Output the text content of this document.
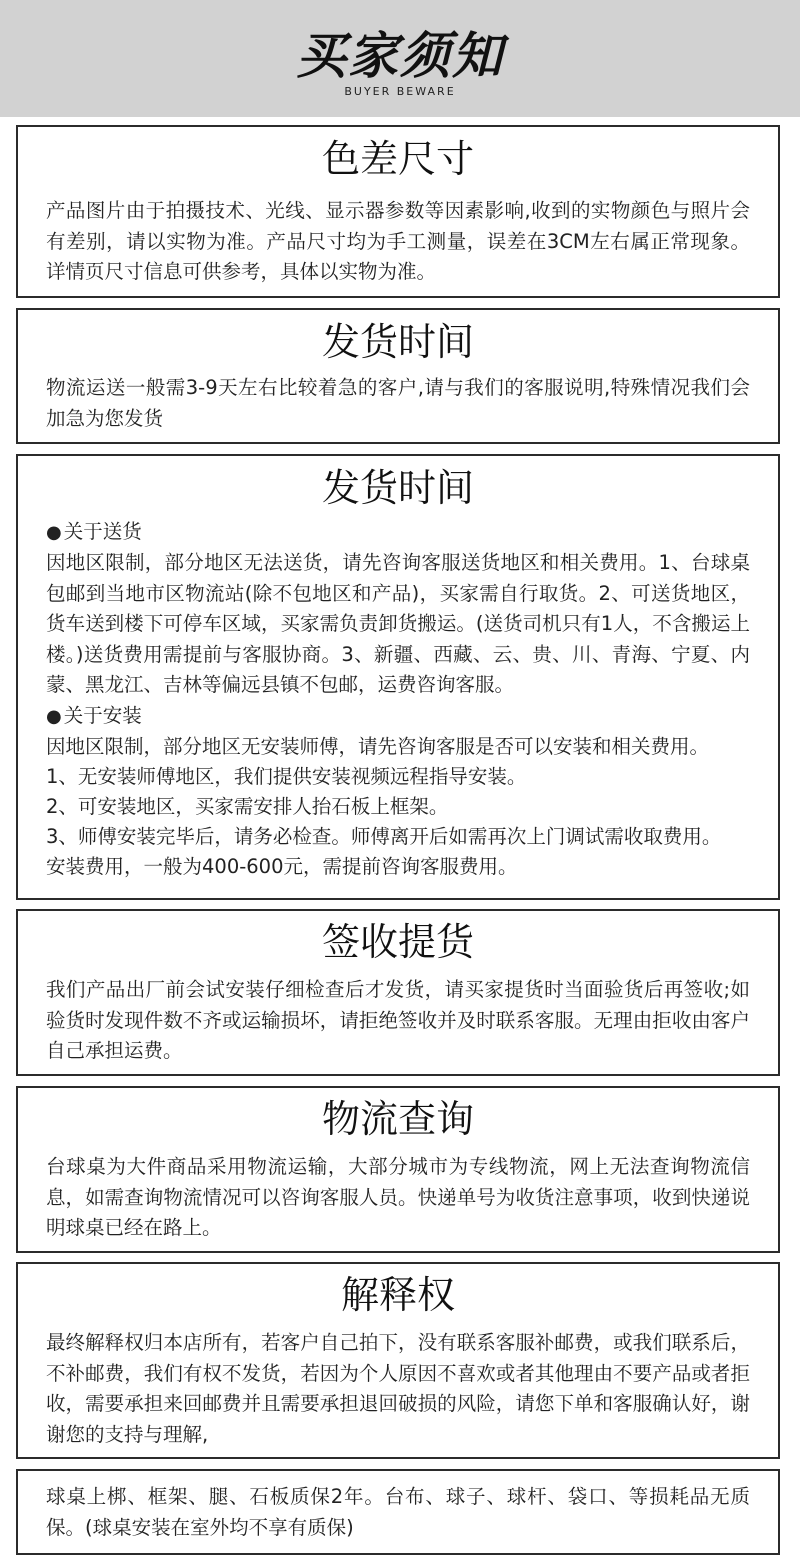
买家须知
BUYER BEWARE
色差尺寸

产品图片由于拍摄技术、光线、显示器参数等因素影响,收到的实物颜色与照片会有差别，请以实物为准。产品尺寸均为手工测量，误差在3CM左右属正常现象。详情页尺寸信息可供参考，具体以实物为准。

发货时间

物流运送一般需3-9天左右比较着急的客户,请与我们的客服说明,特殊情况我们会加急为您发货

发货时间
● 关于送货

因地区限制，部分地区无法送货，请先咨询客服送货地区和相关费用。1、台球桌包邮到当地市区物流站(除不包地区和产品)，买家需自行取货。2、可送货地区，货车送到楼下可停车区域，买家需负责卸货搬运。(送货司机只有1人，不含搬运上楼。)送货费用需提前与客服协商。3、新疆、西藏、云、贵、川、青海、宁夏、内蒙、黑龙江、吉林等偏远县镇不包邮，运费咨询客服。

● 关于安装
因地区限制，部分地区无安装师傅，请先咨询客服是否可以安装和相关费用。
1、无安装师傅地区，我们提供安装视频远程指导安装。
2、可安装地区，买家需安排人抬石板上框架。
3、师傅安装完毕后，请务必检查。师傅离开后如需再次上门调试需收取费用。
安装费用，一般为400-600元，需提前咨询客服费用。
签收提货

我们产品出厂前会试安装仔细检查后才发货，请买家提货时当面验货后再签收;如验货时发现件数不齐或运输损坏，请拒绝签收并及时联系客服。无理由拒收由客户自己承担运费。

物流查询

台球桌为大件商品采用物流运输，大部分城市为专线物流，网上无法查询物流信息，如需查询物流情况可以咨询客服人员。快递单号为收货注意事项，收到快递说明球桌已经在路上。

解释权

最终解释权归本店所有，若客户自己拍下，没有联系客服补邮费，或我们联系后，不补邮费，我们有权不发货，若因为个人原因不喜欢或者其他理由不要产品或者拒收，需要承担来回邮费并且需要承担退回破损的风险，请您下单和客服确认好，谢谢您的支持与理解,

球桌上梆、框架、腿、石板质保2年。台布、球子、球杆、袋口、等损耗品无质保。(球桌安装在室外均不享有质保)
